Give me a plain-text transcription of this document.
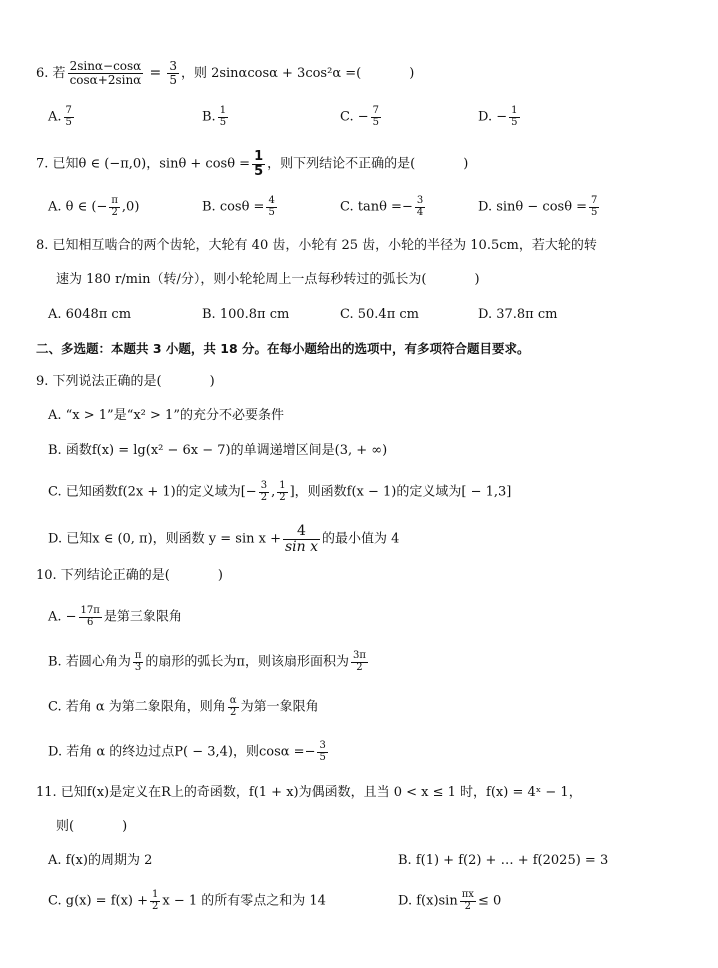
6. 若 $\frac{2\sin\alpha-\cos\alpha}{\cos\alpha+2\sin\alpha} = \frac{3}{5}$ ，则 2sinαcosα + 3cos²α =(	)
A. $\frac{7}{5}$	B. $\frac{1}{5}$	C. − $\frac{7}{5}$	D. − $\frac{1}{5}$
7. 已知θ ∈ (−π,0)，$\sin\theta + \cos\theta = \frac{1}{5}$ ，则下列结论不正确的是(	)
A. θ ∈ (− $\frac{\pi}{2} ,0$)	B. $\cos\theta = \frac{4}{5}$	C. $\tan\theta =- \frac{3}{4}$	D. $\sin\theta - \cos\theta = \frac{7}{5}$
8. 已知相互啮合的两个齿轮，大轮有 40 齿，小轮有 25 齿，小轮的半径为 10.5cm，若大轮的转
速为 180 r/min（转/分），则小轮轮周上一点每秒转过的弧长为(	)
A. 6048π cm	B. 100.8π cm	C. 50.4π cm	D. 37.8π cm
二、多选题：本题共 3 小题，共 18 分。在每小题给出的选项中，有多项符合题目要求。
9. 下列说法正确的是(	)
A. “x > 1”是“x² > 1”的充分不必要条件
B. 函数f(x) = lg(x² − 6x − 7)的单调递增区间是(3, + ∞)
C. 已知函数f(2x + 1)的定义域为[− $\frac{3}{2}$ , $\frac{1}{2}$ ]，则函数f(x − 1)的定义域为[ − 1,3]
D. 已知x ∈ (0, π)，则函数 $y = \sin x + \frac{4}{\text{sin x}}$ 的最小值为 4
10. 下列结论正确的是(	)
A. − $\frac{17\pi}{6}$ 是第三象限角
B. 若圆心角为 $\frac{\pi}{3}$ 的扇形的弧长为π，则该扇形面积为 $\frac{3\pi}{2}$
C. 若角 α 为第二象限角，则角 $\frac{\alpha}{2}$ 为第一象限角
D. 若角 α 的终边过点P( − 3,4)，则$\cos\alpha =- \frac{3}{5}$
11. 已知f(x)是定义在R上的奇函数，f(1 + x)为偶函数，且当 0 < x ≤ 1 时，f(x) = 4ˣ − 1，
则(	)
A. f(x)的周期为 2	B. f(1) + f(2) + … + f(2025) = 3
C. $g(x) = f(x) + \frac{1}{2}$ x − 1 的所有零点之和为 14	D. $f(x)\sin \frac{\pi x}{2} \le 0$
